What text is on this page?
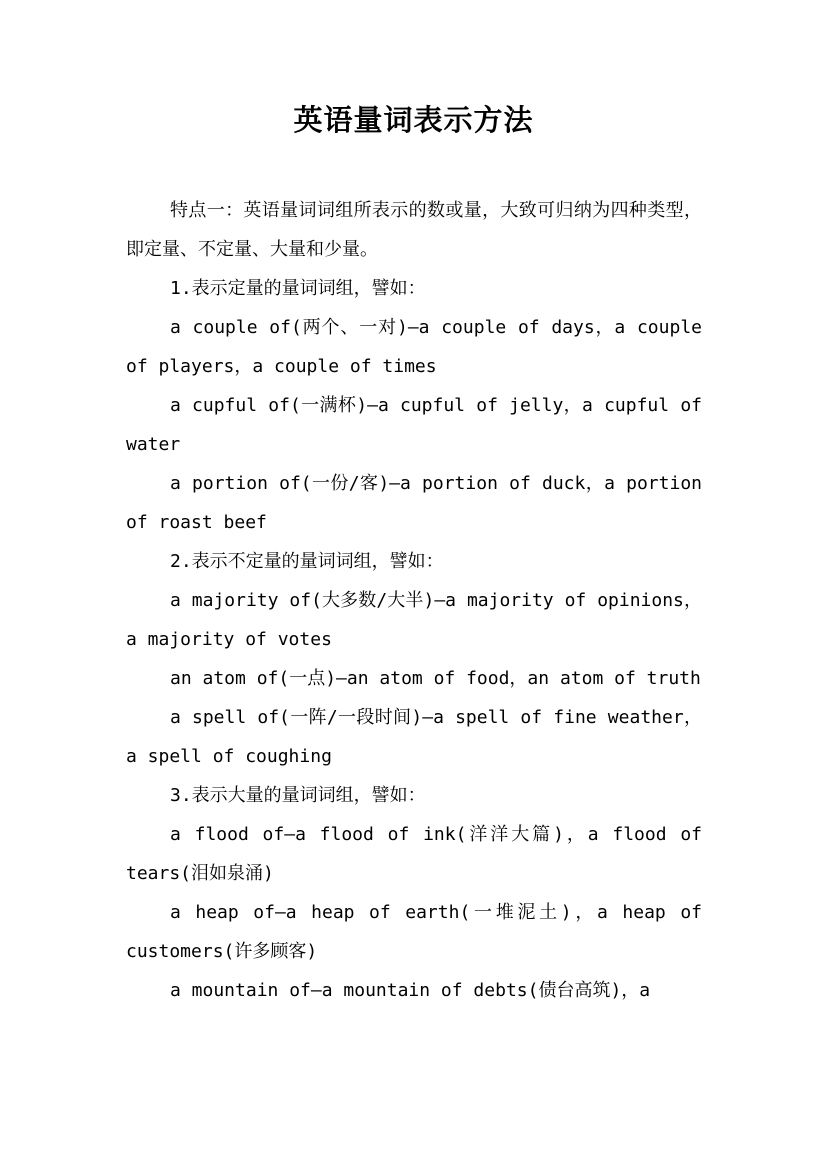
英语量词表示方法

特点一：英语量词词组所表示的数或量，大致可归纳为四种类型，即定量、不定量、大量和少量。

1.表示定量的量词词组，譬如：

a couple of(两个、一对)—a couple of days，a couple of players，a couple of times

a cupful of(一满杯)—a cupful of jelly，a cupful of water

a portion of(一份/客)—a portion of duck，a portion of roast beef

2.表示不定量的量词词组，譬如：

a majority of(大多数/大半)—a majority of opinions，a majority of votes

an atom of(一点)—an atom of food，an atom of truth

a spell of(一阵/一段时间)—a spell of fine weather，a spell of coughing

3.表示大量的量词词组，譬如：

a flood of—a flood of ink(洋洋大篇)，a flood of tears(泪如泉涌)

a heap of—a heap of earth(一堆泥土)，a heap of customers(许多顾客)

a mountain of—a mountain of debts(债台高筑)，a
